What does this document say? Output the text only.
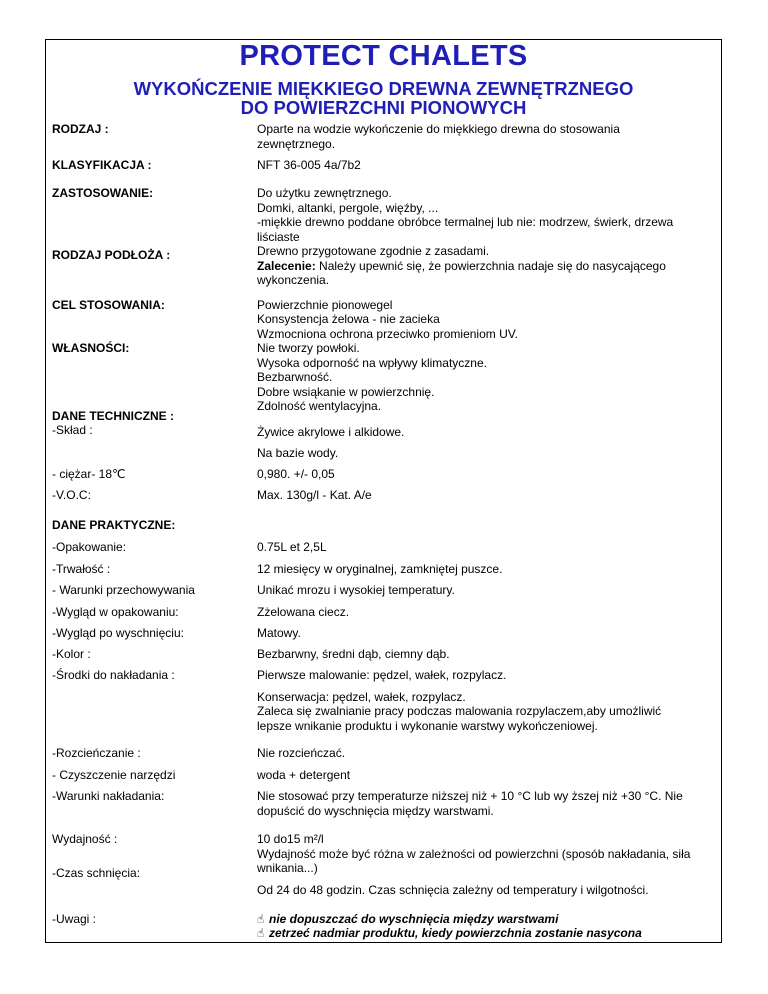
PROTECT CHALETS
WYKOŃCZENIE MIĘKKIEGO DREWNA ZEWNĘTRZNEGO
DO POWIERZCHNI PIONOWYCH
RODZAJ :	Oparte na wodzie wykończenie do miękkiego drewna do stosowania
zewnętrznego.
KLASYFIKACJA :	NFT 36-005 4a/7b2
ZASTOSOWANIE:	Do użytku zewnętrznego.
Domki, altanki, pergole, więźby, ...
-miękkie drewno poddane obróbce termalnej lub nie: modrzew, świerk, drzewa
liściaste
RODZAJ PODŁOŻA :	Drewno przygotowane zgodnie z zasadami.
Zalecenie: Należy upewnić się, że powierzchnia nadaje się do nasycającego
wykonczenia.
CEL STOSOWANIA:	Powierzchnie pionowegel
Konsystencja żelowa - nie zacieka
Wzmocniona ochrona przeciwko promieniom UV.
WŁASNOŚCI:	Nie tworzy powłoki.
Wysoka odporność na wpływy klimatyczne.
Bezbarwność.
Dobre wsiąkanie w powierzchnię.
Zdolność wentylacyjna.
DANE TECHNICZNE :
-Skład :	Żywice akrylowe i alkidowe.
Na bazie wody.
- ciężar- 18℃	0,980. +/- 0,05
-V.O.C:	Max. 130g/l - Kat. A/e
DANE PRAKTYCZNE:
-Opakowanie:	0.75L et 2,5L
-Trwałość :	12 miesięcy w oryginalnej, zamkniętej puszce.
- Warunki przechowywania	Unikać mrozu i wysokiej temperatury.
-Wygląd w opakowaniu:	Zżelowana ciecz.
-Wygląd po wyschnięciu:	Matowy.
-Kolor :	Bezbarwny, średni dąb, ciemny dąb.
-Środki do nakładania :	Pierwsze malowanie: pędzel, wałek, rozpylacz.
Konserwacja: pędzel, wałek, rozpylacz.
Zaleca się zwalnianie pracy podczas malowania rozpylaczem,aby umożliwić
lepsze wnikanie produktu i wykonanie warstwy wykończeniowej.
-Rozcieńczanie :	Nie rozcieńczać.
- Czyszczenie narzędzi	woda + detergent
-Warunki nakładania:	Nie stosować przy temperaturze niższej niż + 10 °C lub wy ższej niż +30 °C. Nie
dopuścić do wyschnięcia między warstwami.
Wydajność :	10 do15 m²/l
Wydajność może być różna w zależności od powierzchni (sposób nakładania, siła
wnikania...)
-Czas schnięcia:
Od 24 do 48 godzin. Czas schnięcia zależny od temperatury i wilgotności.
-Uwagi :	☝ nie dopuszczać do wyschnięcia między warstwami
☝ zetrzeć nadmiar produktu, kiedy powierzchnia zostanie nasycona
